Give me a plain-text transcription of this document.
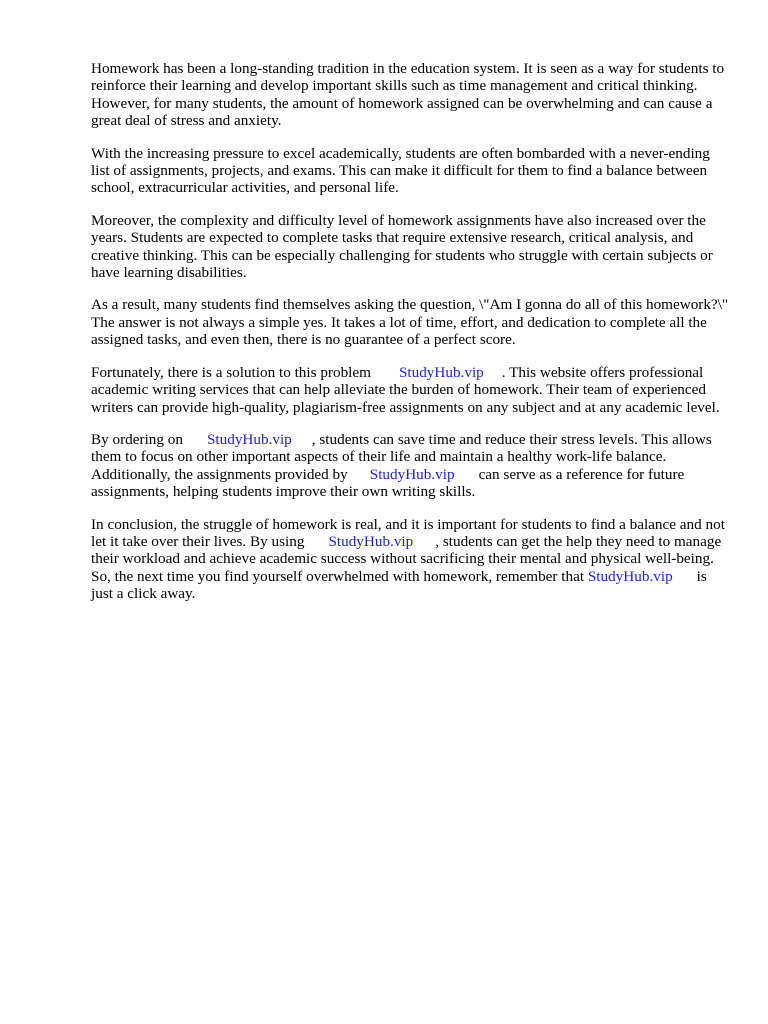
Homework has been a long-standing tradition in the education system. It is seen as a way for students to reinforce their learning and develop important skills such as time management and critical thinking. However, for many students, the amount of homework assigned can be overwhelming and can cause a great deal of stress and anxiety.

With the increasing pressure to excel academically, students are often bombarded with a never-ending list of assignments, projects, and exams. This can make it difficult for them to find a balance between school, extracurricular activities, and personal life.

Moreover, the complexity and difficulty level of homework assignments have also increased over the years. Students are expected to complete tasks that require extensive research, critical analysis, and creative thinking. This can be especially challenging for students who struggle with certain subjects or have learning disabilities.

As a result, many students find themselves asking the question, \"Am I gonna do all of this homework?\" The answer is not always a simple yes. It takes a lot of time, effort, and dedication to complete all the assigned tasks, and even then, there is no guarantee of a perfect score.

Fortunately, there is a solution to this problem StudyHub.vip . This website offers professional academic writing services that can help alleviate the burden of homework. Their team of experienced writers can provide high-quality, plagiarism-free assignments on any subject and at any academic level.

By ordering on StudyHub.vip , students can save time and reduce their stress levels. This allows them to focus on other important aspects of their life and maintain a healthy work-life balance. Additionally, the assignments provided by StudyHub.vip can serve as a reference for future assignments, helping students improve their own writing skills.

In conclusion, the struggle of homework is real, and it is important for students to find a balance and not let it take over their lives. By using StudyHub.vip , students can get the help they need to manage their workload and achieve academic success without sacrificing their mental and physical well-being. So, the next time you find yourself overwhelmed with homework, remember that StudyHub.vip is just a click away.
